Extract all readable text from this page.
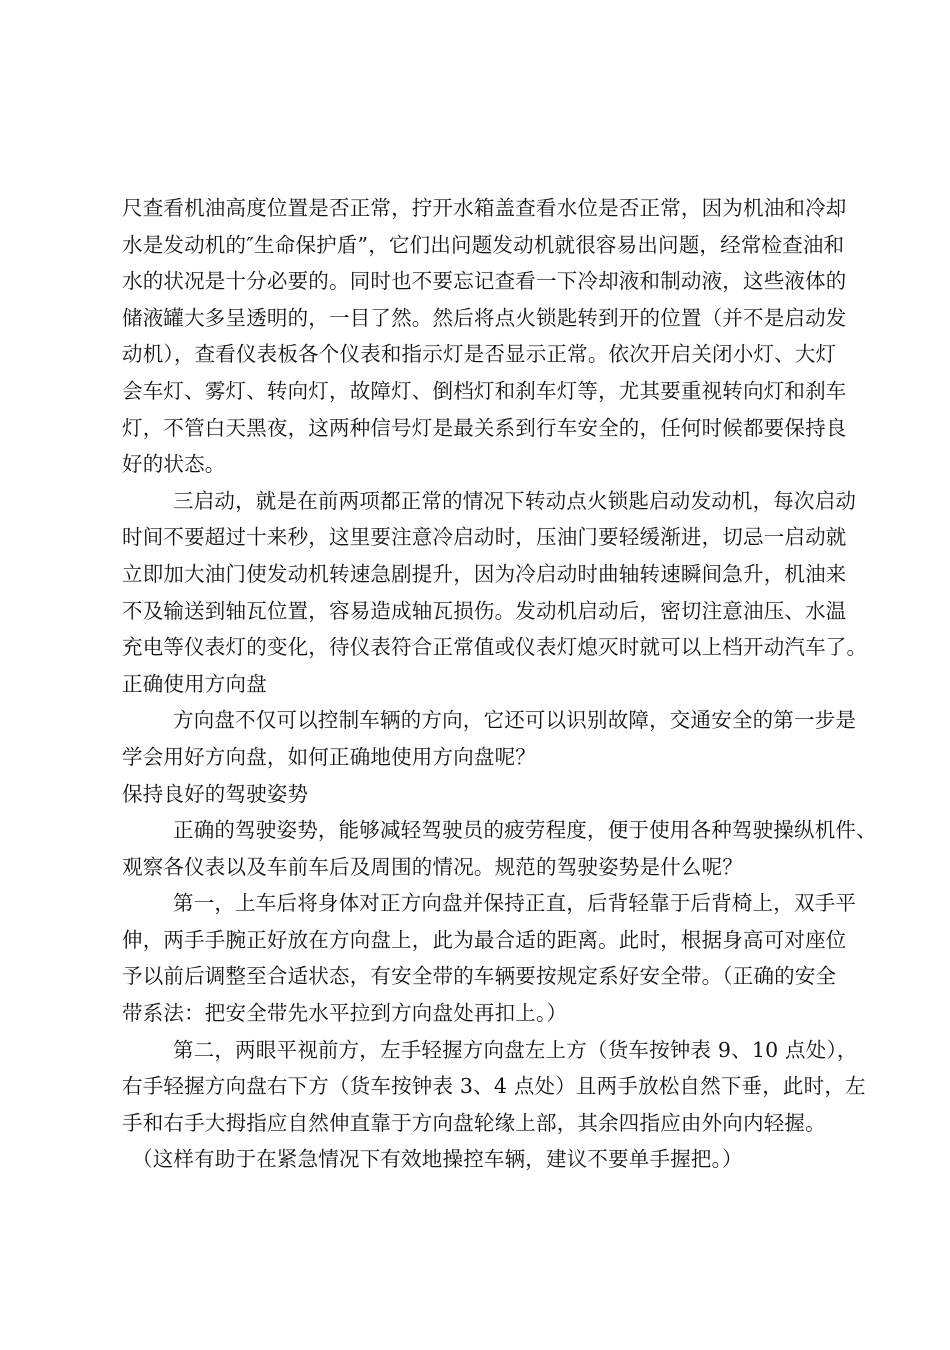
尺查看机油高度位置是否正常，拧开水箱盖查看水位是否正常，因为机油和冷却
水是发动机的″生命保护盾”，它们出问题发动机就很容易出问题，经常检查油和
水的状况是十分必要的。同时也不要忘记查看一下冷却液和制动液，这些液体的
储液罐大多呈透明的，一目了然。然后将点火锁匙转到开的位置（并不是启动发
动机），查看仪表板各个仪表和指示灯是否显示正常。依次开启关闭小灯、大灯
会车灯、雾灯、转向灯，故障灯、倒档灯和刹车灯等，尤其要重视转向灯和刹车
灯，不管白天黑夜，这两种信号灯是最关系到行车安全的，任何时候都要保持良
好的状态。
三启动，就是在前两项都正常的情况下转动点火锁匙启动发动机，每次启动
时间不要超过十来秒，这里要注意冷启动时，压油门要轻缓渐进，切忌一启动就
立即加大油门使发动机转速急剧提升，因为冷启动时曲轴转速瞬间急升，机油来
不及输送到轴瓦位置，容易造成轴瓦损伤。发动机启动后，密切注意油压、水温
充电等仪表灯的变化，待仪表符合正常值或仪表灯熄灭时就可以上档开动汽车了。
正确使用方向盘
方向盘不仅可以控制车辆的方向，它还可以识别故障，交通安全的第一步是
学会用好方向盘，如何正确地使用方向盘呢？
保持良好的驾驶姿势
正确的驾驶姿势，能够减轻驾驶员的疲劳程度，便于使用各种驾驶操纵机件、
观察各仪表以及车前车后及周围的情况。规范的驾驶姿势是什么呢？
第一，上车后将身体对正方向盘并保持正直，后背轻靠于后背椅上，双手平
伸，两手手腕正好放在方向盘上，此为最合适的距离。此时，根据身高可对座位
予以前后调整至合适状态，有安全带的车辆要按规定系好安全带。（正确的安全
带系法：把安全带先水平拉到方向盘处再扣上。）
第二，两眼平视前方，左手轻握方向盘左上方（货车按钟表 9、10 点处），
右手轻握方向盘右下方（货车按钟表 3、4 点处）且两手放松自然下垂，此时，左
手和右手大拇指应自然伸直靠于方向盘轮缘上部，其余四指应由外向内轻握。
（这样有助于在紧急情况下有效地操控车辆，建议不要单手握把。）
